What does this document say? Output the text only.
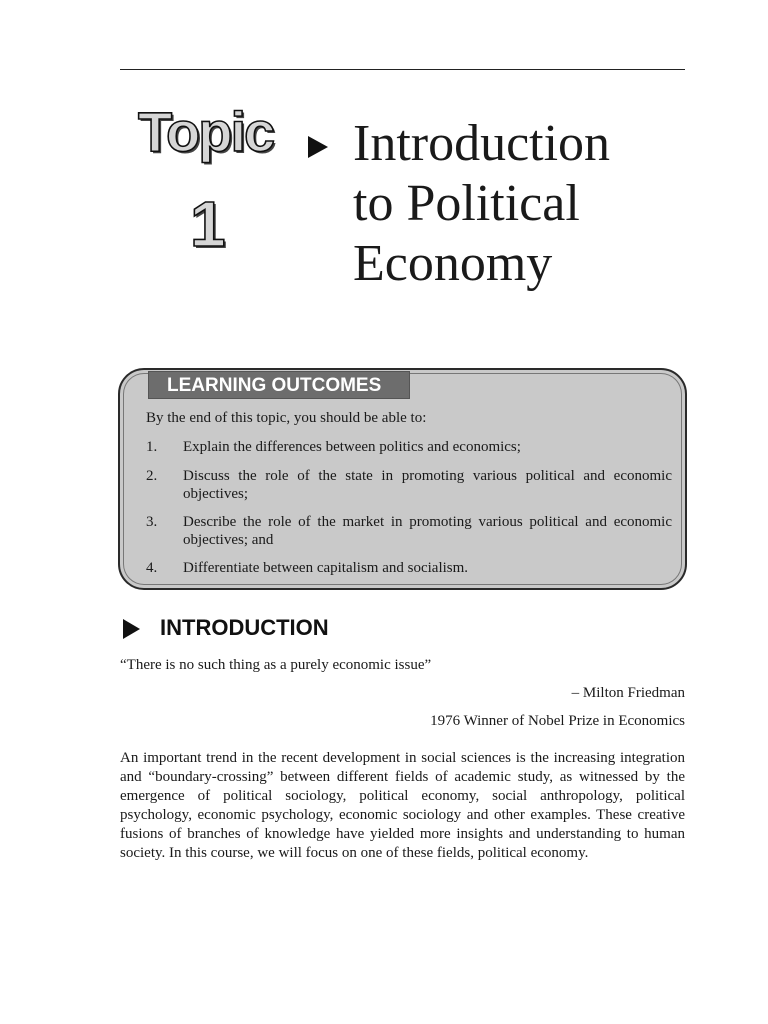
Topic
1
Introduction
to Political
Economy
LEARNING OUTCOMES
By the end of this topic, you should be able to:
1. Explain the differences between politics and economics;
2. Discuss the role of the state in promoting various political and economic objectives;
3. Describe the role of the market in promoting various political and economic objectives; and
4. Differentiate between capitalism and socialism.
INTRODUCTION
“There is no such thing as a purely economic issue”
– Milton Friedman
1976 Winner of Nobel Prize in Economics
An important trend in the recent development in social sciences is the increasing integration and “boundary-crossing” between different fields of academic study, as witnessed by the emergence of political sociology, political economy, social anthropology, political psychology, economic psychology, economic sociology and other examples. These creative fusions of branches of knowledge have yielded more insights and understanding to human society. In this course, we will focus on one of these fields, political economy.
